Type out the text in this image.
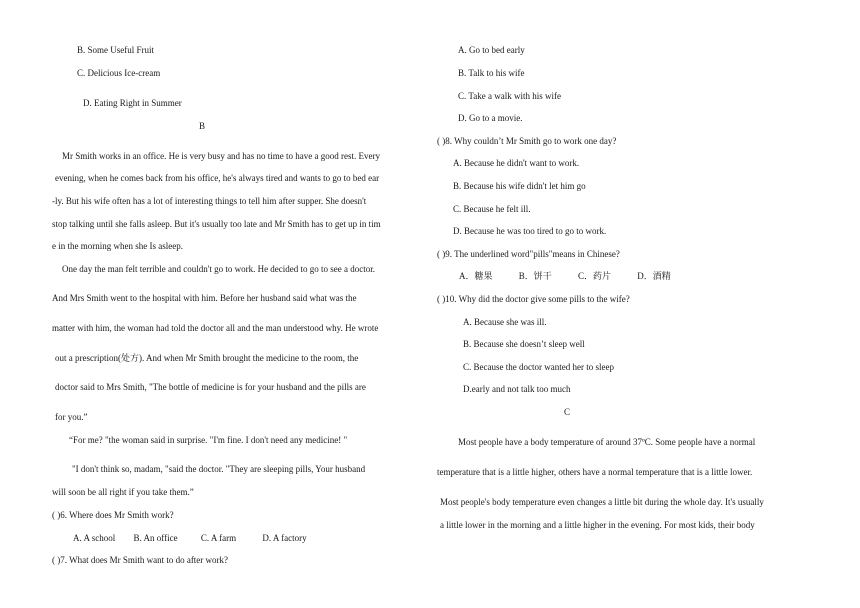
B. Some Useful Fruit
C. Delicious Ice-cream
D. Eating Right in Summer
B
Mr Smith works in an office. He is very busy and has no time to have a good rest. Every
evening, when he comes back from his office, he's always tired and wants to go to bed ear
-ly. But his wife often has a lot of interesting things to tell him after supper. She doesn't
stop talking until she falls asleep. But it's usually too late and Mr Smith has to get up in tim
e in the morning when she Is asleep.
One day the man felt terrible and couldn't go to work. He decided to go to see a doctor.
And Mrs Smith went to the hospital with him. Before her husband said what was the
matter with him, the woman had told the doctor all and the man understood why. He wrote
out a prescription(处方). And when Mr Smith brought the medicine to the room, the
doctor said to Mrs Smith, "The bottle of medicine is for your husband and the pills are
for you.”
“For me? "the woman said in surprise. "I'm fine. I don't need any medicine! "
"I don't think so, madam, "said the doctor. "They are sleeping pills, Your husband
will soon be all right if you take them.”
( )6. Where does Mr Smith work?
A. A school B. An office	C. A farm	D. A factory
( )7. What does Mr Smith want to do after work?
A. Go to bed early
B. Talk to his wife
C. Take a walk with his wife
D. Go to a movie.
( )8. Why couldn’t Mr Smith go to work one day?
A. Because he didn't want to work.
B. Because his wife didn't let him go
C. Because he felt ill.
D. Because he was too tired to go to work.
( )9. The underlined word"pills"means in Chinese?
A．糖果	B．饼干	C．药片	D．酒精
( )10. Why did the doctor give some pills to the wife?
A. Because she was ill.
B. Because she doesn’t sleep well
C. Because the doctor wanted her to sleep
D.early and not talk too much
C
Most people have a body temperature of around 37ºC. Some people have a normal
temperature that is a little higher, others have a normal temperature that is a little lower.
Most people's body temperature even changes a little bit during the whole day. It's usually
a little lower in the morning and a little higher in the evening. For most kids, their body
